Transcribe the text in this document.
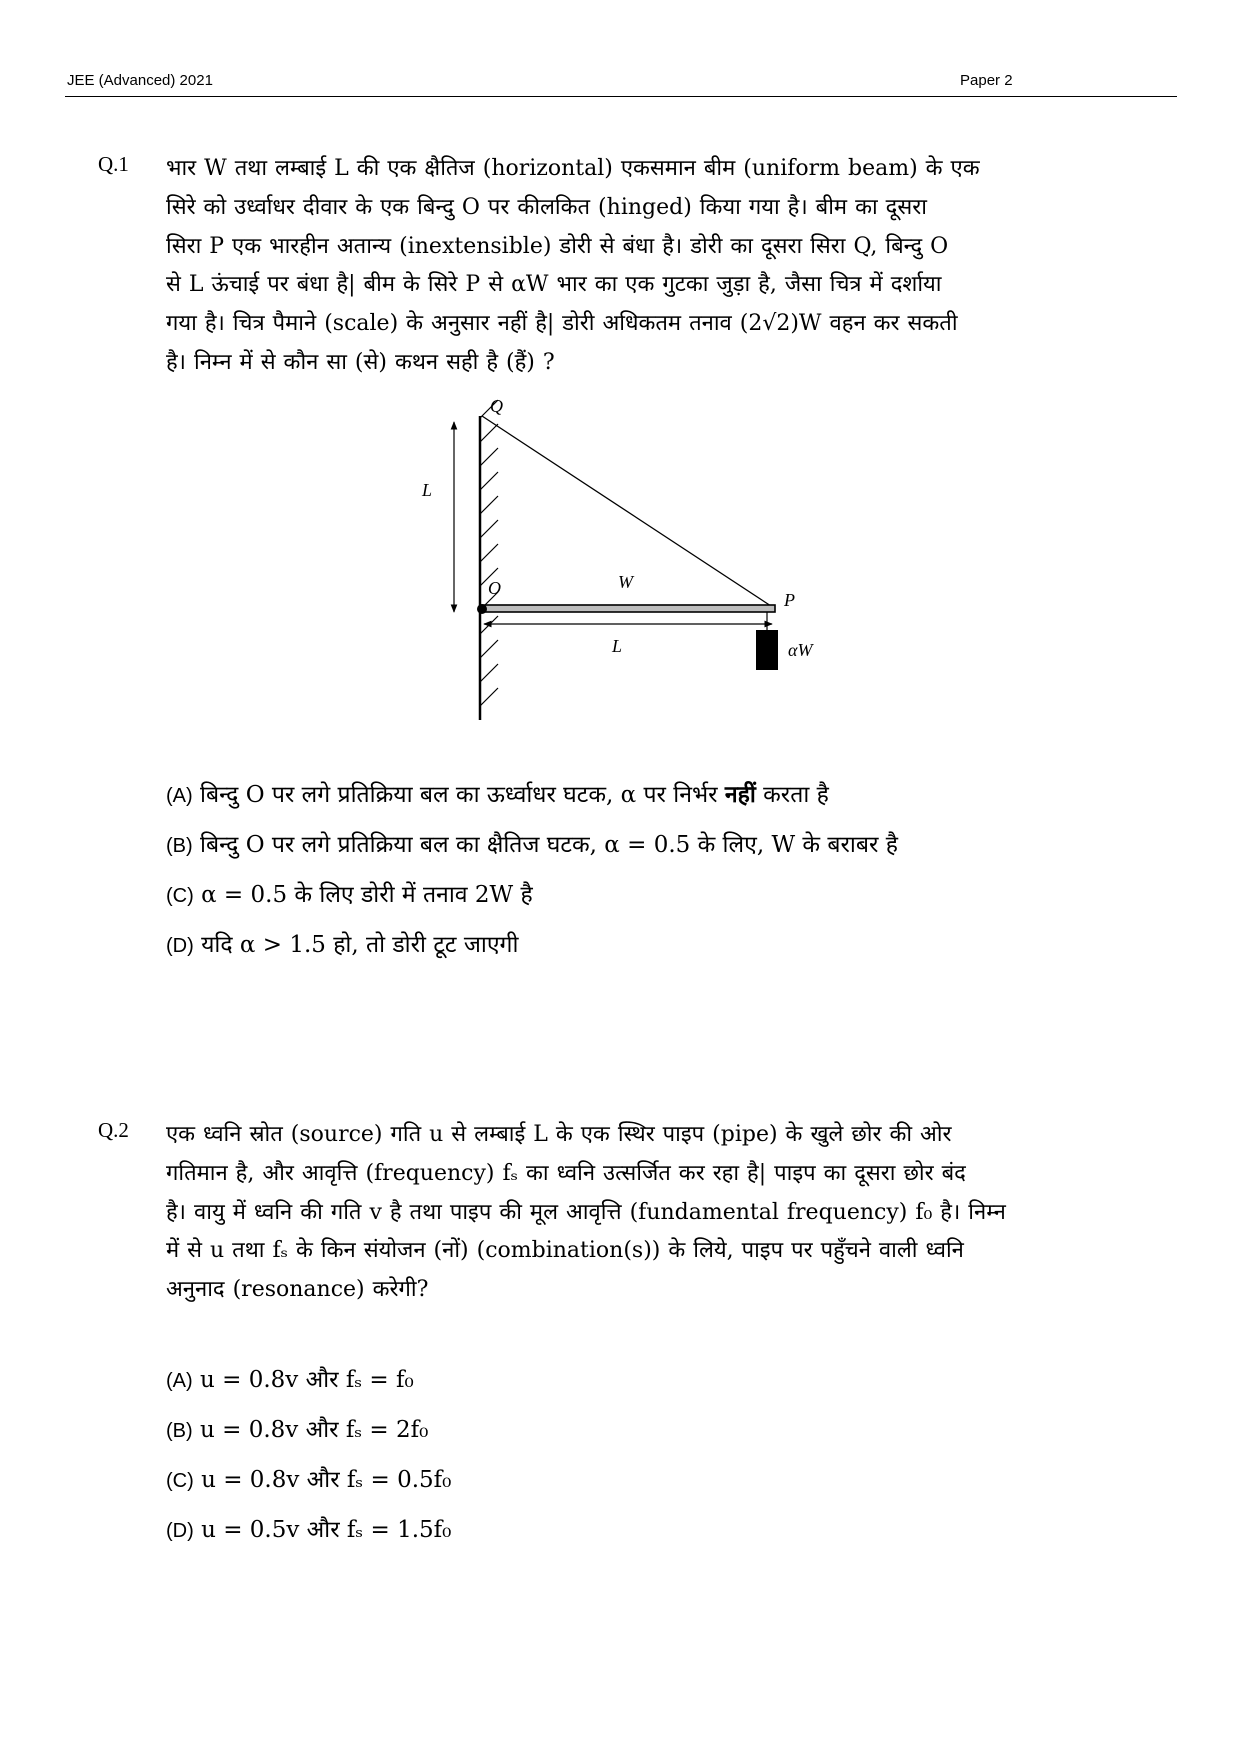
JEE (Advanced) 2021	Paper 2
Q.1 भार W तथा लम्बाई L की एक क्षैतिज (horizontal) एकसमान बीम (uniform beam) के एक
सिरे को उर्ध्वाधर दीवार के एक बिन्दु O पर कीलकित (hinged) किया गया है। बीम का दूसरा
सिरा P एक भारहीन अतान्य (inextensible) डोरी से बंधा है। डोरी का दूसरा सिरा Q, बिन्दु O
से L ऊंचाई पर बंधा है| बीम के सिरे P से αW भार का एक गुटका जुड़ा है, जैसा चित्र में दर्शाया
गया है। चित्र पैमाने (scale) के अनुसार नहीं है| डोरी अधिकतम तनाव (2√2)W वहन कर सकती
है। निम्न में से कौन सा (से) कथन सही है (हैं) ?
L
Q
O	W
P
L	αW
(A) बिन्दु O पर लगे प्रतिक्रिया बल का ऊर्ध्वाधर घटक, α पर निर्भर नहीं करता है
(B) बिन्दु O पर लगे प्रतिक्रिया बल का क्षैतिज घटक, α = 0.5 के लिए, W के बराबर है
(C) α = 0.5 के लिए डोरी में तनाव 2W है
(D) यदि α > 1.5 हो, तो डोरी टूट जाएगी
Q.2 एक ध्वनि स्रोत (source) गति u से लम्बाई L के एक स्थिर पाइप (pipe) के खुले छोर की ओर
गतिमान है, और आवृत्ति (frequency) fₛ का ध्वनि उत्सर्जित कर रहा है| पाइप का दूसरा छोर बंद
है। वायु में ध्वनि की गति v है तथा पाइप की मूल आवृत्ति (fundamental frequency) f₀ है। निम्न
में से u तथा fₛ के किन संयोजन (नों) (combination(s)) के लिये, पाइप पर पहुँचने वाली ध्वनि
अनुनाद (resonance) करेगी?
(A) u = 0.8v और fₛ = f₀
(B) u = 0.8v और fₛ = 2f₀
(C) u = 0.8v और fₛ = 0.5f₀
(D) u = 0.5v और fₛ = 1.5f₀
